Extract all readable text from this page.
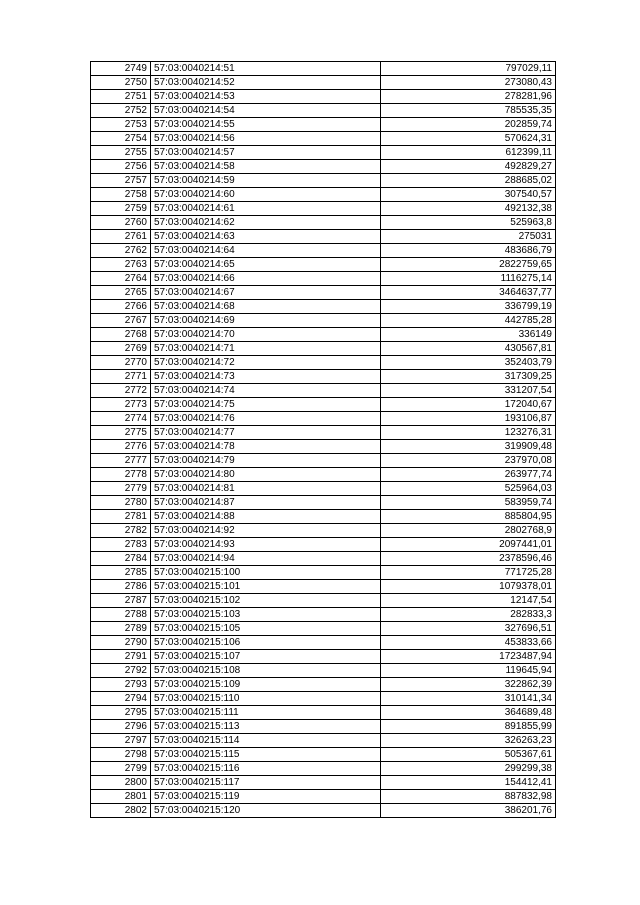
2749	57:03:0040214:51	797029,11
2750	57:03:0040214:52	273080,43
2751	57:03:0040214:53	278281,96
2752	57:03:0040214:54	785535,35
2753	57:03:0040214:55	202859,74
2754	57:03:0040214:56	570624,31
2755	57:03:0040214:57	612399,11
2756	57:03:0040214:58	492829,27
2757	57:03:0040214:59	288685,02
2758	57:03:0040214:60	307540,57
2759	57:03:0040214:61	492132,38
2760	57:03:0040214:62	525963,8
2761	57:03:0040214:63	275031
2762	57:03:0040214:64	483686,79
2763	57:03:0040214:65	2822759,65
2764	57:03:0040214:66	1116275,14
2765	57:03:0040214:67	3464637,77
2766	57:03:0040214:68	336799,19
2767	57:03:0040214:69	442785,28
2768	57:03:0040214:70	336149
2769	57:03:0040214:71	430567,81
2770	57:03:0040214:72	352403,79
2771	57:03:0040214:73	317309,25
2772	57:03:0040214:74	331207,54
2773	57:03:0040214:75	172040,67
2774	57:03:0040214:76	193106,87
2775	57:03:0040214:77	123276,31
2776	57:03:0040214:78	319909,48
2777	57:03:0040214:79	237970,08
2778	57:03:0040214:80	263977,74
2779	57:03:0040214:81	525964,03
2780	57:03:0040214:87	583959,74
2781	57:03:0040214:88	885804,95
2782	57:03:0040214:92	2802768,9
2783	57:03:0040214:93	2097441,01
2784	57:03:0040214:94	2378596,46
2785	57:03:0040215:100	771725,28
2786	57:03:0040215:101	1079378,01
2787	57:03:0040215:102	12147,54
2788	57:03:0040215:103	282833,3
2789	57:03:0040215:105	327696,51
2790	57:03:0040215:106	453833,66
2791	57:03:0040215:107	1723487,94
2792	57:03:0040215:108	119645,94
2793	57:03:0040215:109	322862,39
2794	57:03:0040215:110	310141,34
2795	57:03:0040215:111	364689,48
2796	57:03:0040215:113	891855,99
2797	57:03:0040215:114	326263,23
2798	57:03:0040215:115	505367,61
2799	57:03:0040215:116	299299,38
2800	57:03:0040215:117	154412,41
2801	57:03:0040215:119	887832,98
2802	57:03:0040215:120	386201,76
